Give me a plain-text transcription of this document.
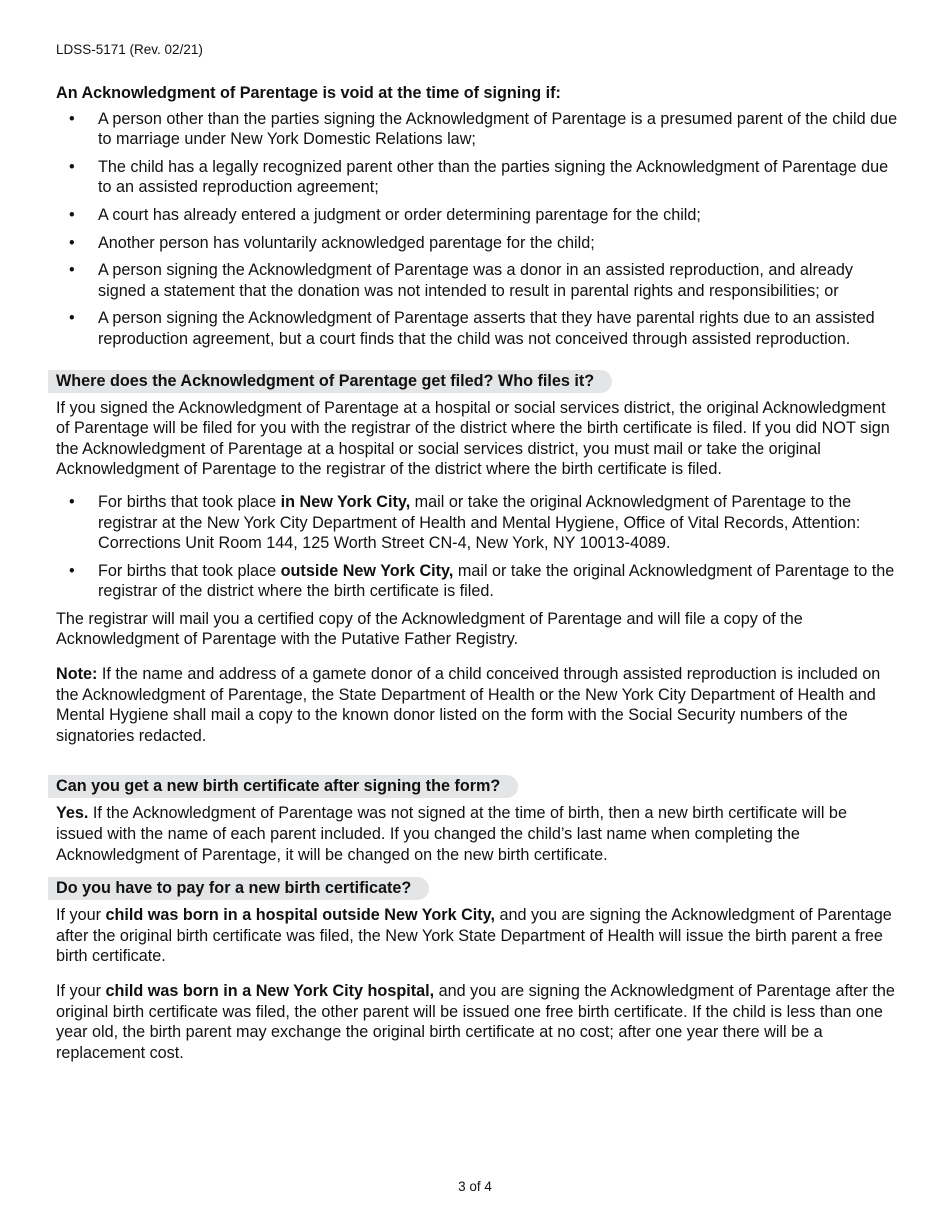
LDSS-5171 (Rev. 02/21)
An Acknowledgment of Parentage is void at the time of signing if:
• A person other than the parties signing the Acknowledgment of Parentage is a presumed parent of the child due to marriage under New York Domestic Relations law;
• The child has a legally recognized parent other than the parties signing the Acknowledgment of Parentage due to an assisted reproduction agreement;
• A court has already entered a judgment or order determining parentage for the child;
• Another person has voluntarily acknowledged parentage for the child;
• A person signing the Acknowledgment of Parentage was a donor in an assisted reproduction, and already signed a statement that the donation was not intended to result in parental rights and responsibilities; or
• A person signing the Acknowledgment of Parentage asserts that they have parental rights due to an assisted reproduction agreement, but a court finds that the child was not conceived through assisted reproduction.
Where does the Acknowledgment of Parentage get filed? Who files it?

If you signed the Acknowledgment of Parentage at a hospital or social services district, the original Acknowledgment of Parentage will be filed for you with the registrar of the district where the birth certificate is filed. If you did NOT sign the Acknowledgment of Parentage at a hospital or social services district, you must mail or take the original Acknowledgment of Parentage to the registrar of the district where the birth certificate is filed.

• For births that took place in New York City, mail or take the original Acknowledgment of Parentage to the registrar at the New York City Department of Health and Mental Hygiene, Office of Vital Records, Attention: Corrections Unit Room 144, 125 Worth Street CN-4, New York, NY 10013-4089.
• For births that took place outside New York City, mail or take the original Acknowledgment of Parentage to the registrar of the district where the birth certificate is filed.

The registrar will mail you a certified copy of the Acknowledgment of Parentage and will file a copy of the Acknowledgment of Parentage with the Putative Father Registry.

Note: If the name and address of a gamete donor of a child conceived through assisted reproduction is included on the Acknowledgment of Parentage, the State Department of Health or the New York City Department of Health and Mental Hygiene shall mail a copy to the known donor listed on the form with the Social Security numbers of the signatories redacted.

Can you get a new birth certificate after signing the form?

Yes. If the Acknowledgment of Parentage was not signed at the time of birth, then a new birth certificate will be issued with the name of each parent included. If you changed the child’s last name when completing the Acknowledgment of Parentage, it will be changed on the new birth certificate.

Do you have to pay for a new birth certificate?

If your child was born in a hospital outside New York City, and you are signing the Acknowledgment of Parentage after the original birth certificate was filed, the New York State Department of Health will issue the birth parent a free birth certificate.

If your child was born in a New York City hospital, and you are signing the Acknowledgment of Parentage after the original birth certificate was filed, the other parent will be issued one free birth certificate. If the child is less than one year old, the birth parent may exchange the original birth certificate at no cost; after one year there will be a replacement cost.

3 of 4
